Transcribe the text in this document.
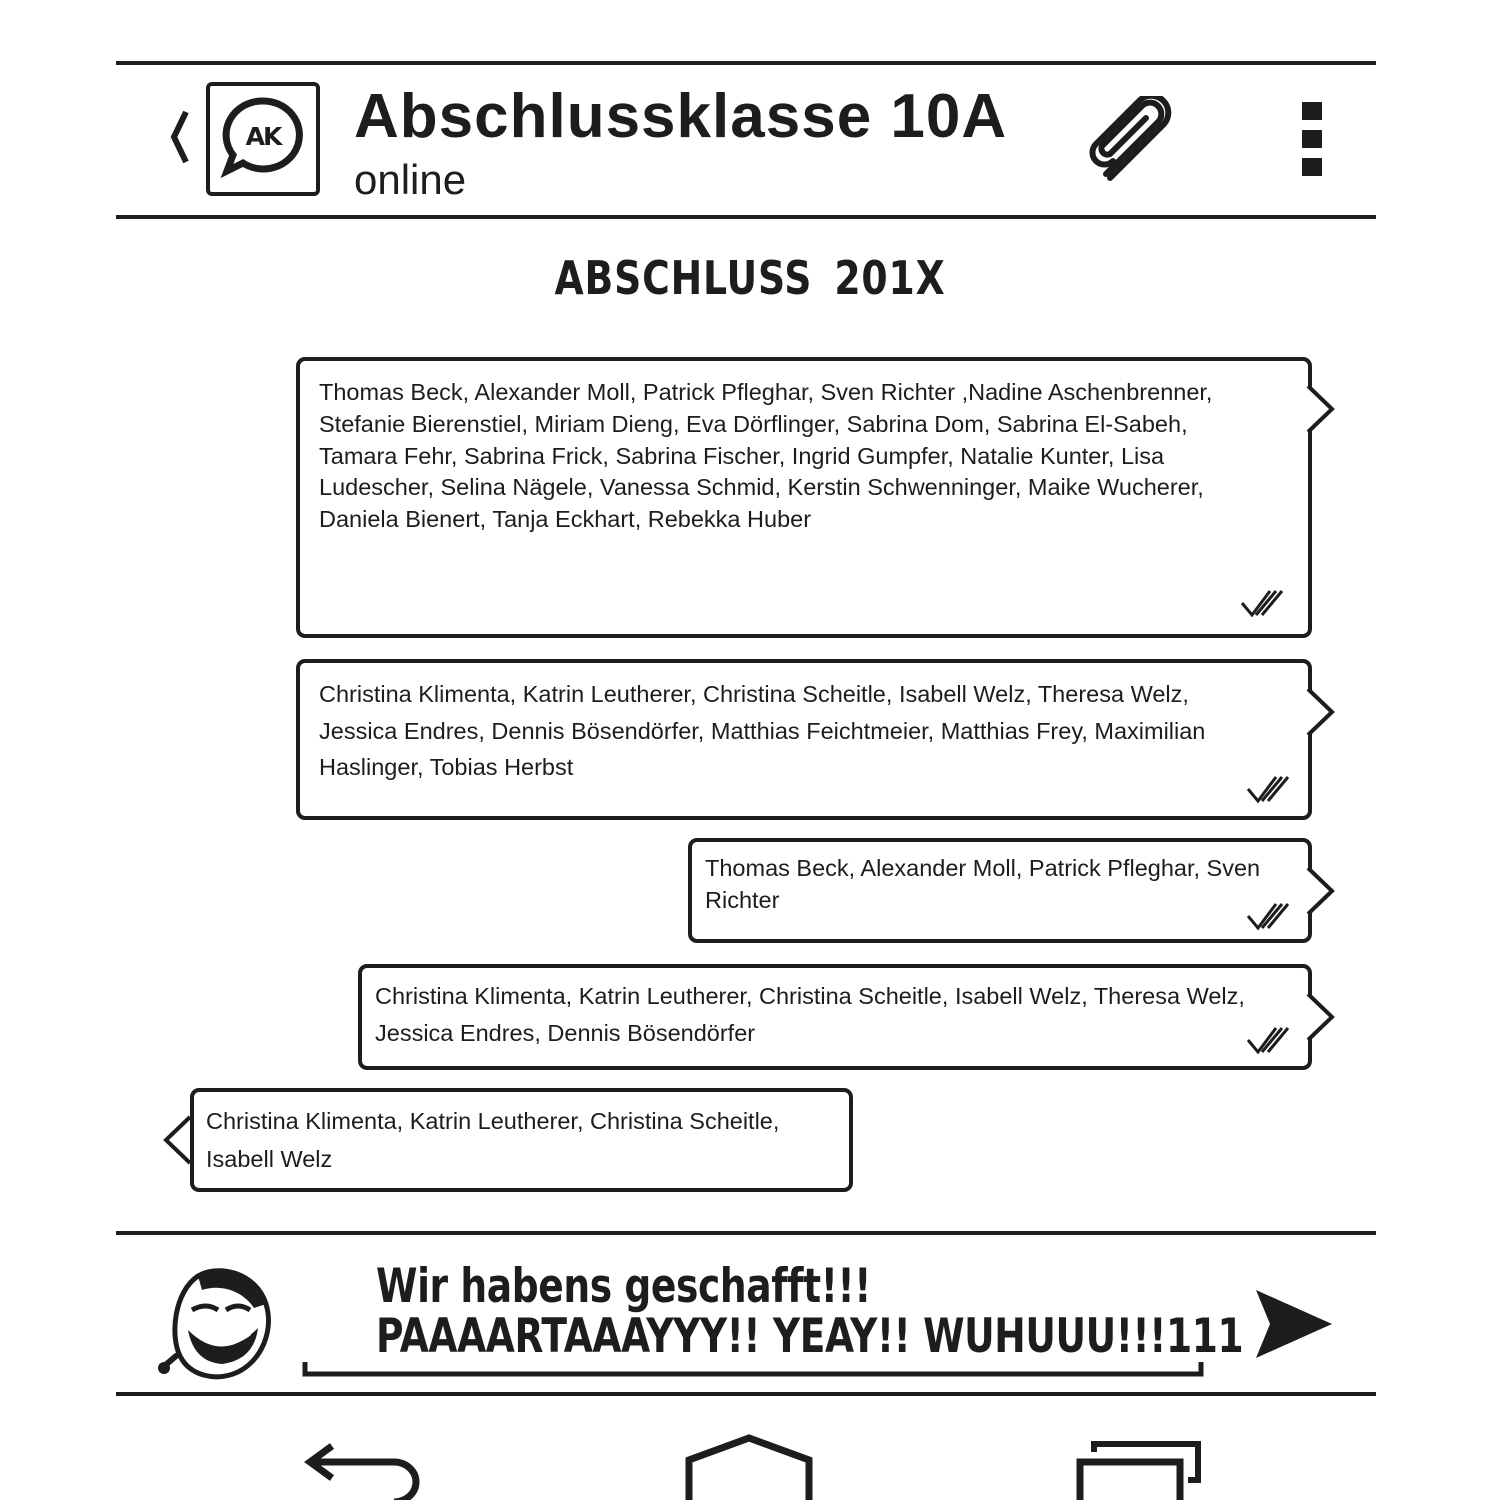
AK Abschlussklasse 10A
online
ABSCHLUSS 201X
Thomas Beck, Alexander Moll, Patrick Pfleghar, Sven Richter ,Nadine Aschenbrenner,
Stefanie Bierenstiel, Miriam Dieng, Eva Dörflinger, Sabrina Dom, Sabrina El-Sabeh,
Tamara Fehr, Sabrina Frick, Sabrina Fischer, Ingrid Gumpfer, Natalie Kunter, Lisa
Ludescher, Selina Nägele, Vanessa Schmid, Kerstin Schwenninger, Maike Wucherer,
Daniela Bienert, Tanja Eckhart, Rebekka Huber
Christina Klimenta, Katrin Leutherer, Christina Scheitle, Isabell Welz, Theresa Welz,
Jessica Endres, Dennis Bösendörfer, Matthias Feichtmeier, Matthias Frey, Maximilian
Haslinger, Tobias Herbst
Thomas Beck, Alexander Moll, Patrick Pfleghar, Sven
Richter
Christina Klimenta, Katrin Leutherer, Christina Scheitle, Isabell Welz, Theresa Welz,
Jessica Endres, Dennis Bösendörfer
Christina Klimenta, Katrin Leutherer, Christina Scheitle,
Isabell Welz
Wir habens geschafft!!!
PAAAARTAAAYYY!! YEAY!! WUHUUU!!!111
